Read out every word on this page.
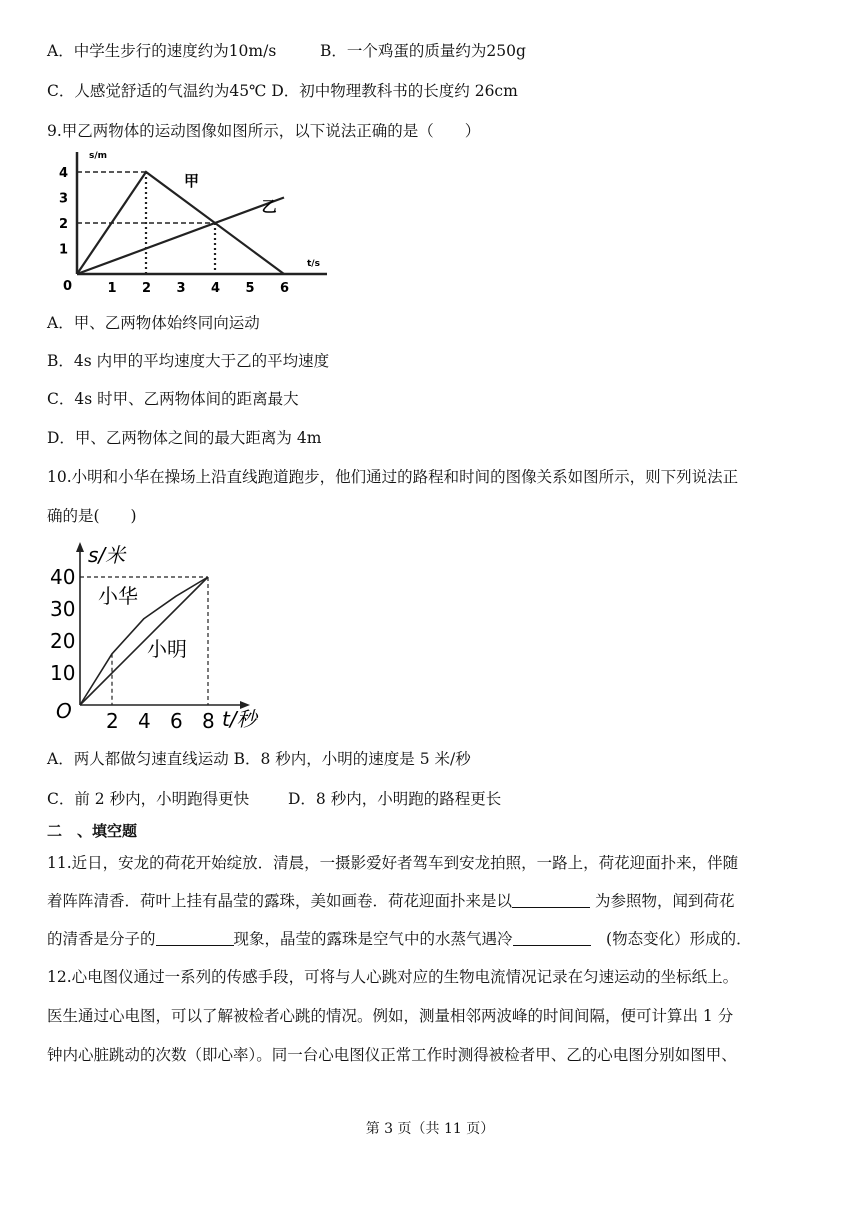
A．中学生步行的速度约为10m/s	B．一个鸡蛋的质量约为250g
C．人感觉舒适的气温约为45℃ D．初中物理教科书的长度约 26cm
9.甲乙两物体的运动图像如图所示，以下说法正确的是（　　）
s/m
t/s
0	1 2 3 4 5 6
1
2
3
4	甲
乙
A．甲、乙两物体始终同向运动
B．4s 内甲的平均速度大于乙的平均速度
C．4s 时甲、乙两物体间的距离最大
D．甲、乙两物体之间的最大距离为 4m
10.小明和小华在操场上沿直线跑道跑步，他们通过的路程和时间的图像关系如图所示，则下列说法正
确的是(　　)
s/米
t/秒
O 2 4 6 8
10
20
30
40
小华
小明
A．两人都做匀速直线运动 B．8 秒内，小明的速度是 5 米/秒
C．前 2 秒内，小明跑得更快	D．8 秒内，小明跑的路程更长
二　、填空题
11.近日，安龙的荷花开始绽放．清晨，一摄影爱好者驾车到安龙拍照，一路上，荷花迎面扑来，伴随
着阵阵清香．荷叶上挂有晶莹的露珠，美如画卷．荷花迎面扑来是以	为参照物，闻到荷花
的清香是分子的	现象，晶莹的露珠是空气中的水蒸气遇冷	　(物态变化）形成的．
12.心电图仪通过一系列的传感手段，可将与人心跳对应的生物电流情况记录在匀速运动的坐标纸上。
医生通过心电图，可以了解被检者心跳的情况。例如，测量相邻两波峰的时间间隔，便可计算出 1 分
钟内心脏跳动的次数（即心率）。同一台心电图仪正常工作时测得被检者甲、乙的心电图分别如图甲、
第 3 页（共 11 页）
